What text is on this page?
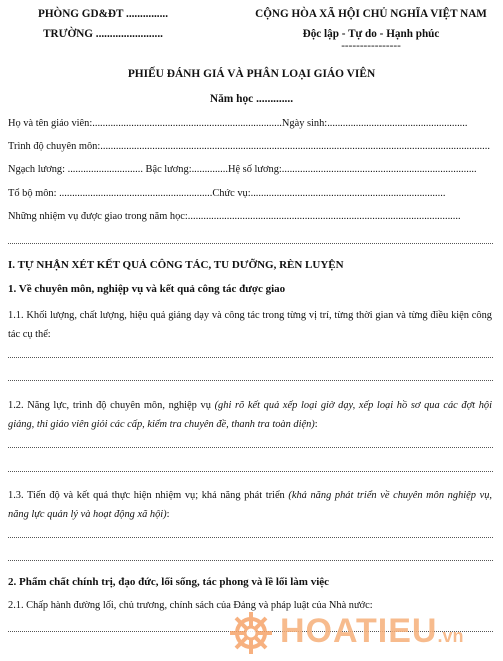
PHÒNG GD&ĐT ...............
TRƯỜNG ........................
CỘNG HÒA XÃ HỘI CHỦ NGHĨA VIỆT NAM
Độc lập - Tự do - Hạnh phúc
----------------
PHIẾU ĐÁNH GIÁ VÀ PHÂN LOẠI GIÁO VIÊN
Năm học .............
Họ và tên giáo viên:.........................................................................Ngày sinh:......................................................
Trình độ chuyên môn:......................................................................................................................................................
Ngạch lương: ............................. Bậc lương:..............Hệ số lương:...........................................................................
Tổ bộ môn: ...........................................................Chức vụ:...........................................................................
Những nhiệm vụ được giao trong năm học:.........................................................................................................
I. TỰ NHẬN XÉT KẾT QUẢ CÔNG TÁC, TU DƯỠNG, RÈN LUYỆN
1. Về chuyên môn, nghiệp vụ và kết quả công tác được giao
1.1. Khối lượng, chất lượng, hiệu quả giảng dạy và công tác trong từng vị trí, từng thời gian và từng điều kiện công tác cụ thể:
1.2. Năng lực, trình độ chuyên môn, nghiệp vụ (ghi rõ kết quả xếp loại giờ dạy, xếp loại hồ sơ qua các đợt hội giảng, thi giáo viên giỏi các cấp, kiểm tra chuyên đề, thanh tra toàn diện):
1.3. Tiến độ và kết quả thực hiện nhiệm vụ; khả năng phát triển (khả năng phát triển về chuyên môn nghiệp vụ, năng lực quản lý và hoạt động xã hội):
2. Phẩm chất chính trị, đạo đức, lối sống, tác phong và lề lối làm việc
2.1. Chấp hành đường lối, chủ trương, chính sách của Đảng và pháp luật của Nhà nước:
HOATIEU.vn
